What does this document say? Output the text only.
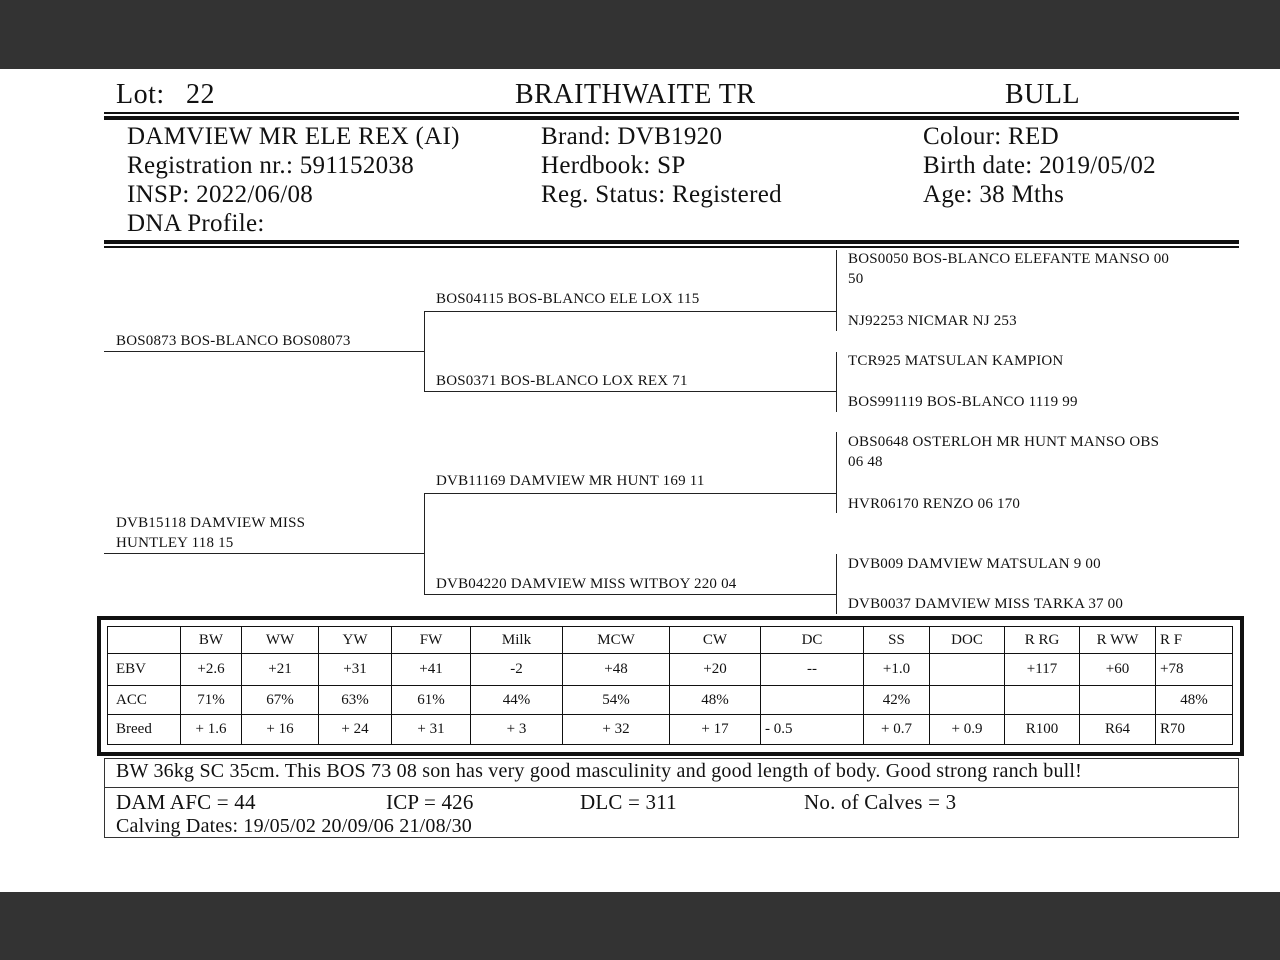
Lot: 22	BRAITHWAITE TR	BULL
DAMVIEW MR ELE REX (AI)
Registration nr.: 591152038
INSP: 2022/06/08
DNA Profile:
Brand: DVB1920
Herdbook: SP
Reg. Status: Registered
Colour: RED
Birth date: 2019/05/02
Age: 38 Mths
BOS0873 BOS-BLANCO BOS08073
DVB15118 DAMVIEW MISS
HUNTLEY 118 15
BOS04115 BOS-BLANCO ELE LOX 115
BOS0371 BOS-BLANCO LOX REX 71
DVB11169 DAMVIEW MR HUNT 169 11
DVB04220 DAMVIEW MISS WITBOY 220 04
BOS0050 BOS-BLANCO ELEFANTE MANSO 00
50
NJ92253 NICMAR NJ 253
TCR925 MATSULAN KAMPION
BOS991119 BOS-BLANCO 1119 99
OBS0648 OSTERLOH MR HUNT MANSO OBS
06 48
HVR06170 RENZO 06 170
DVB009 DAMVIEW MATSULAN 9 00
DVB0037 DAMVIEW MISS TARKA 37 00
	BW	WW	YW	FW	Milk	MCW	CW	DC	SS	DOC	R RG	R WW	R F
EBV	+2.6	+21	+31	+41	-2	+48	+20	--	+1.0		+117	+60	+78
ACC	71%	67%	63%	61%	44%	54%	48%		42%				48%
Breed	+ 1.6	+ 16	+ 24	+ 31	+ 3	+ 32	+ 17	- 0.5	+ 0.7	+ 0.9	R100	R64	R70
BW 36kg SC 35cm. This BOS 73 08 son has very good masculinity and good length of body. Good strong ranch bull!
DAM AFC = 44	ICP = 426	DLC = 311	No. of Calves = 3
Calving Dates: 19/05/02 20/09/06 21/08/30
